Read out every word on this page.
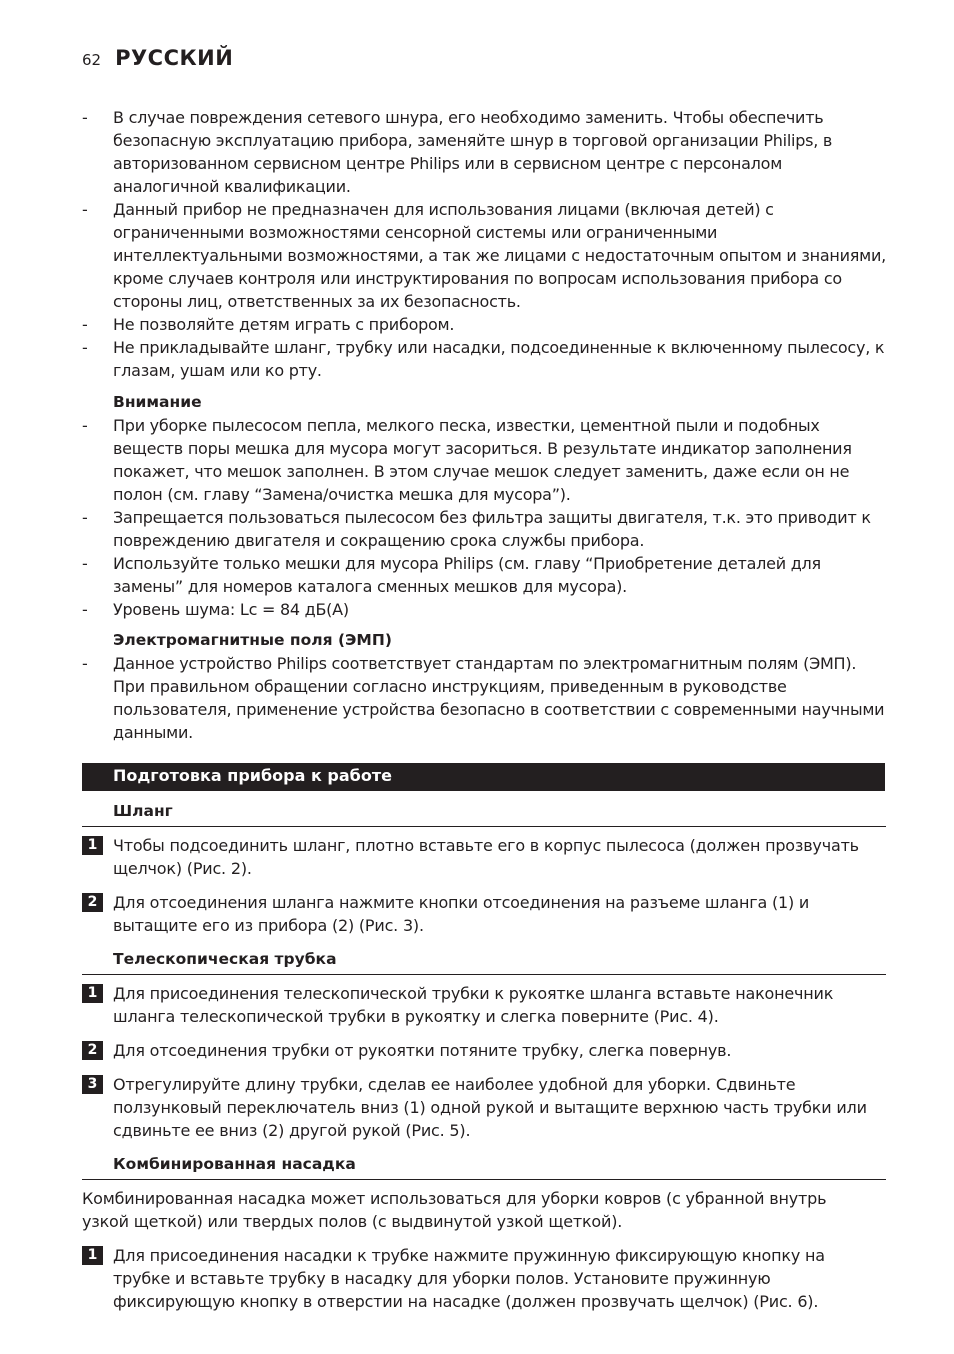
62 РУССКИЙ
- В случае повреждения сетевого шнура, его необходимо заменить. Чтобы обеспечить безопасную эксплуатацию прибора, заменяйте шнур в торговой организации Philips, в авторизованном сервисном центре Philips или в сервисном центре с персоналом аналогичной квалификации.
- Данный прибор не предназначен для использования лицами (включая детей) с ограниченными возможностями сенсорной системы или ограниченными интеллектуальными возможностями, а так же лицами с недостаточным опытом и знаниями, кроме случаев контроля или инструктирования по вопросам использования прибора со стороны лиц, ответственных за их безопасность.
- Не позволяйте детям играть с прибором.
- Не прикладывайте шланг, трубку или насадки, подсоединенные к включенному пылесосу, к глазам, ушам или ко рту.
Внимание
- При уборке пылесосом пепла, мелкого песка, известки, цементной пыли и подобных веществ поры мешка для мусора могут засориться. В результате индикатор заполнения покажет, что мешок заполнен. В этом случае мешок следует заменить, даже если он не полон (см. главу “Замена/очистка мешка для мусора”).
- Запрещается пользоваться пылесосом без фильтра защиты двигателя, т.к. это приводит к повреждению двигателя и сокращению срока службы прибора.
- Используйте только мешки для мусора Philips (см. главу “Приобретение деталей для замены” для номеров каталога сменных мешков для мусора).
- Уровень шума: Lc = 84 дБ(A)
Электромагнитные поля (ЭМП)
- Данное устройство Philips соответствует стандартам по электромагнитным полям (ЭМП). При правильном обращении согласно инструкциям, приведенным в руководстве пользователя, применение устройства безопасно в соответствии с современными научными данными.
Подготовка прибора к работе
Шланг
1 Чтобы подсоединить шланг, плотно вставьте его в корпус пылесоса (должен прозвучать щелчок) (Рис. 2).
2 Для отсоединения шланга нажмите кнопки отсоединения на разъеме шланга (1) и вытащите его из прибора (2) (Рис. 3).
Телескопическая трубка
1 Для присоединения телескопической трубки к рукоятке шланга вставьте наконечник шланга телескопической трубки в рукоятку и слегка поверните (Рис. 4).
2 Для отсоединения трубки от рукоятки потяните трубку, слегка повернув.
3 Отрегулируйте длину трубки, сделав ее наиболее удобной для уборки. Сдвиньте ползунковый переключатель вниз (1) одной рукой и вытащите верхнюю часть трубки или сдвиньте ее вниз (2) другой рукой (Рис. 5).
Комбинированная насадка
Комбинированная насадка может использоваться для уборки ковров (с убранной внутрь узкой щеткой) или твердых полов (с выдвинутой узкой щеткой).
1 Для присоединения насадки к трубке нажмите пружинную фиксирующую кнопку на трубке и вставьте трубку в насадку для уборки полов. Установите пружинную фиксирующую кнопку в отверстии на насадке (должен прозвучать щелчок) (Рис. 6).
